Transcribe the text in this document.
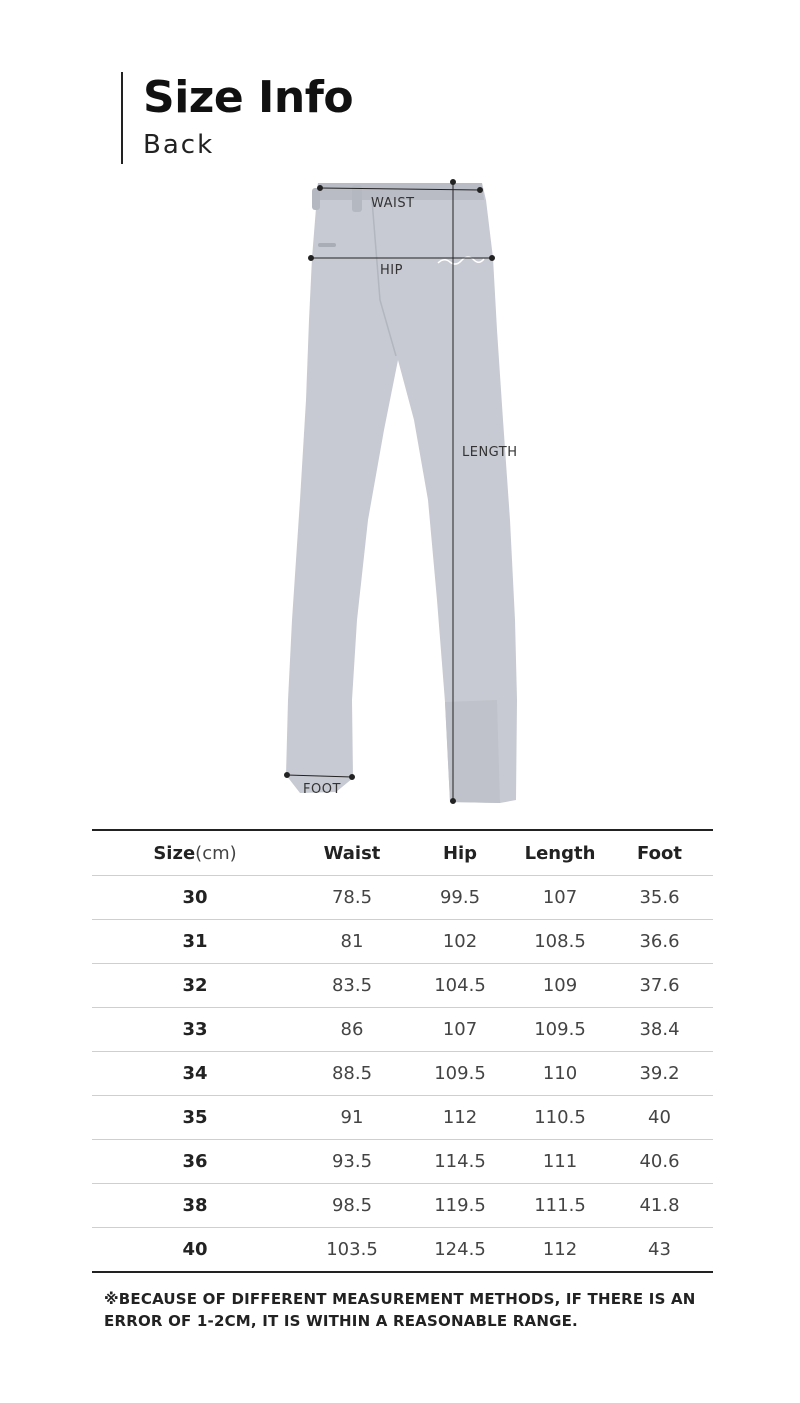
Size Info
Back
WAIST
HIP
LENGTH
FOOT
Size(cm)	Waist	Hip	Length	Foot
30	78.5	99.5	107	35.6
31	81	102	108.5	36.6
32	83.5	104.5	109	37.6
33	86	107	109.5	38.4
34	88.5	109.5	110	39.2
35	91	112	110.5	40
36	93.5	114.5	111	40.6
38	98.5	119.5	111.5	41.8
40	103.5	124.5	112	43
※BECAUSE OF DIFFERENT MEASUREMENT METHODS, IF THERE IS AN ERROR OF 1-2CM, IT IS WITHIN A REASONABLE RANGE.
